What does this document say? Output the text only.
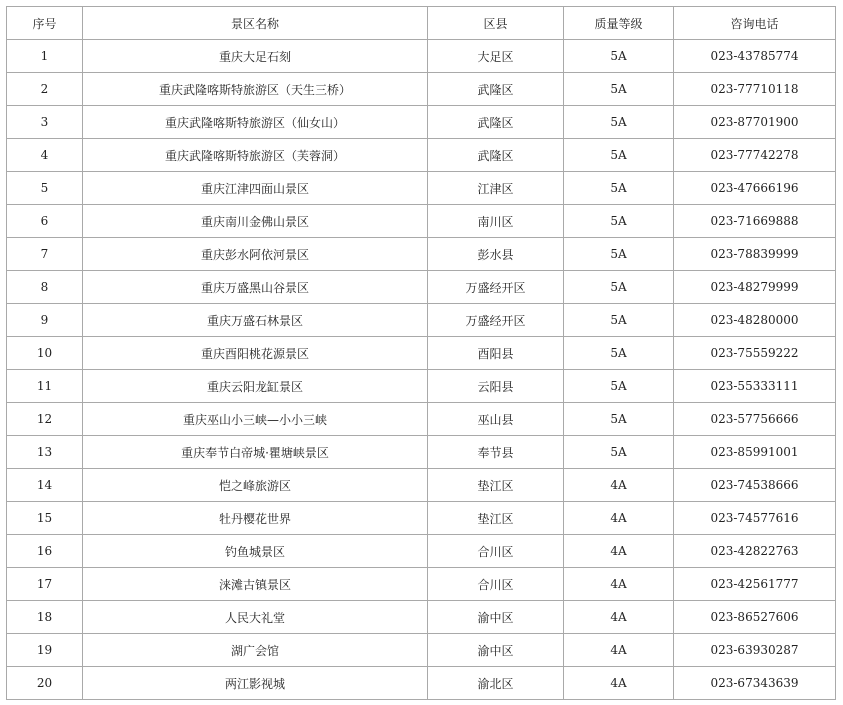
序号	景区名称	区县	质量等级	咨询电话
1	重庆大足石刻	大足区	5A	023-43785774
2	重庆武隆喀斯特旅游区（天生三桥）	武隆区	5A	023-77710118
3	重庆武隆喀斯特旅游区（仙女山）	武隆区	5A	023-87701900
4	重庆武隆喀斯特旅游区（芙蓉洞）	武隆区	5A	023-77742278
5	重庆江津四面山景区	江津区	5A	023-47666196
6	重庆南川金佛山景区	南川区	5A	023-71669888
7	重庆彭水阿依河景区	彭水县	5A	023-78839999
8	重庆万盛黑山谷景区	万盛经开区	5A	023-48279999
9	重庆万盛石林景区	万盛经开区	5A	023-48280000
10	重庆酉阳桃花源景区	酉阳县	5A	023-75559222
11	重庆云阳龙缸景区	云阳县	5A	023-55333111
12	重庆巫山小三峡—小小三峡	巫山县	5A	023-57756666
13	重庆奉节白帝城·瞿塘峡景区	奉节县	5A	023-85991001
14	恺之峰旅游区	垫江区	4A	023-74538666
15	牡丹樱花世界	垫江区	4A	023-74577616
16	钓鱼城景区	合川区	4A	023-42822763
17	涞滩古镇景区	合川区	4A	023-42561777
18	人民大礼堂	渝中区	4A	023-86527606
19	湖广会馆	渝中区	4A	023-63930287
20	两江影视城	渝北区	4A	023-67343639
